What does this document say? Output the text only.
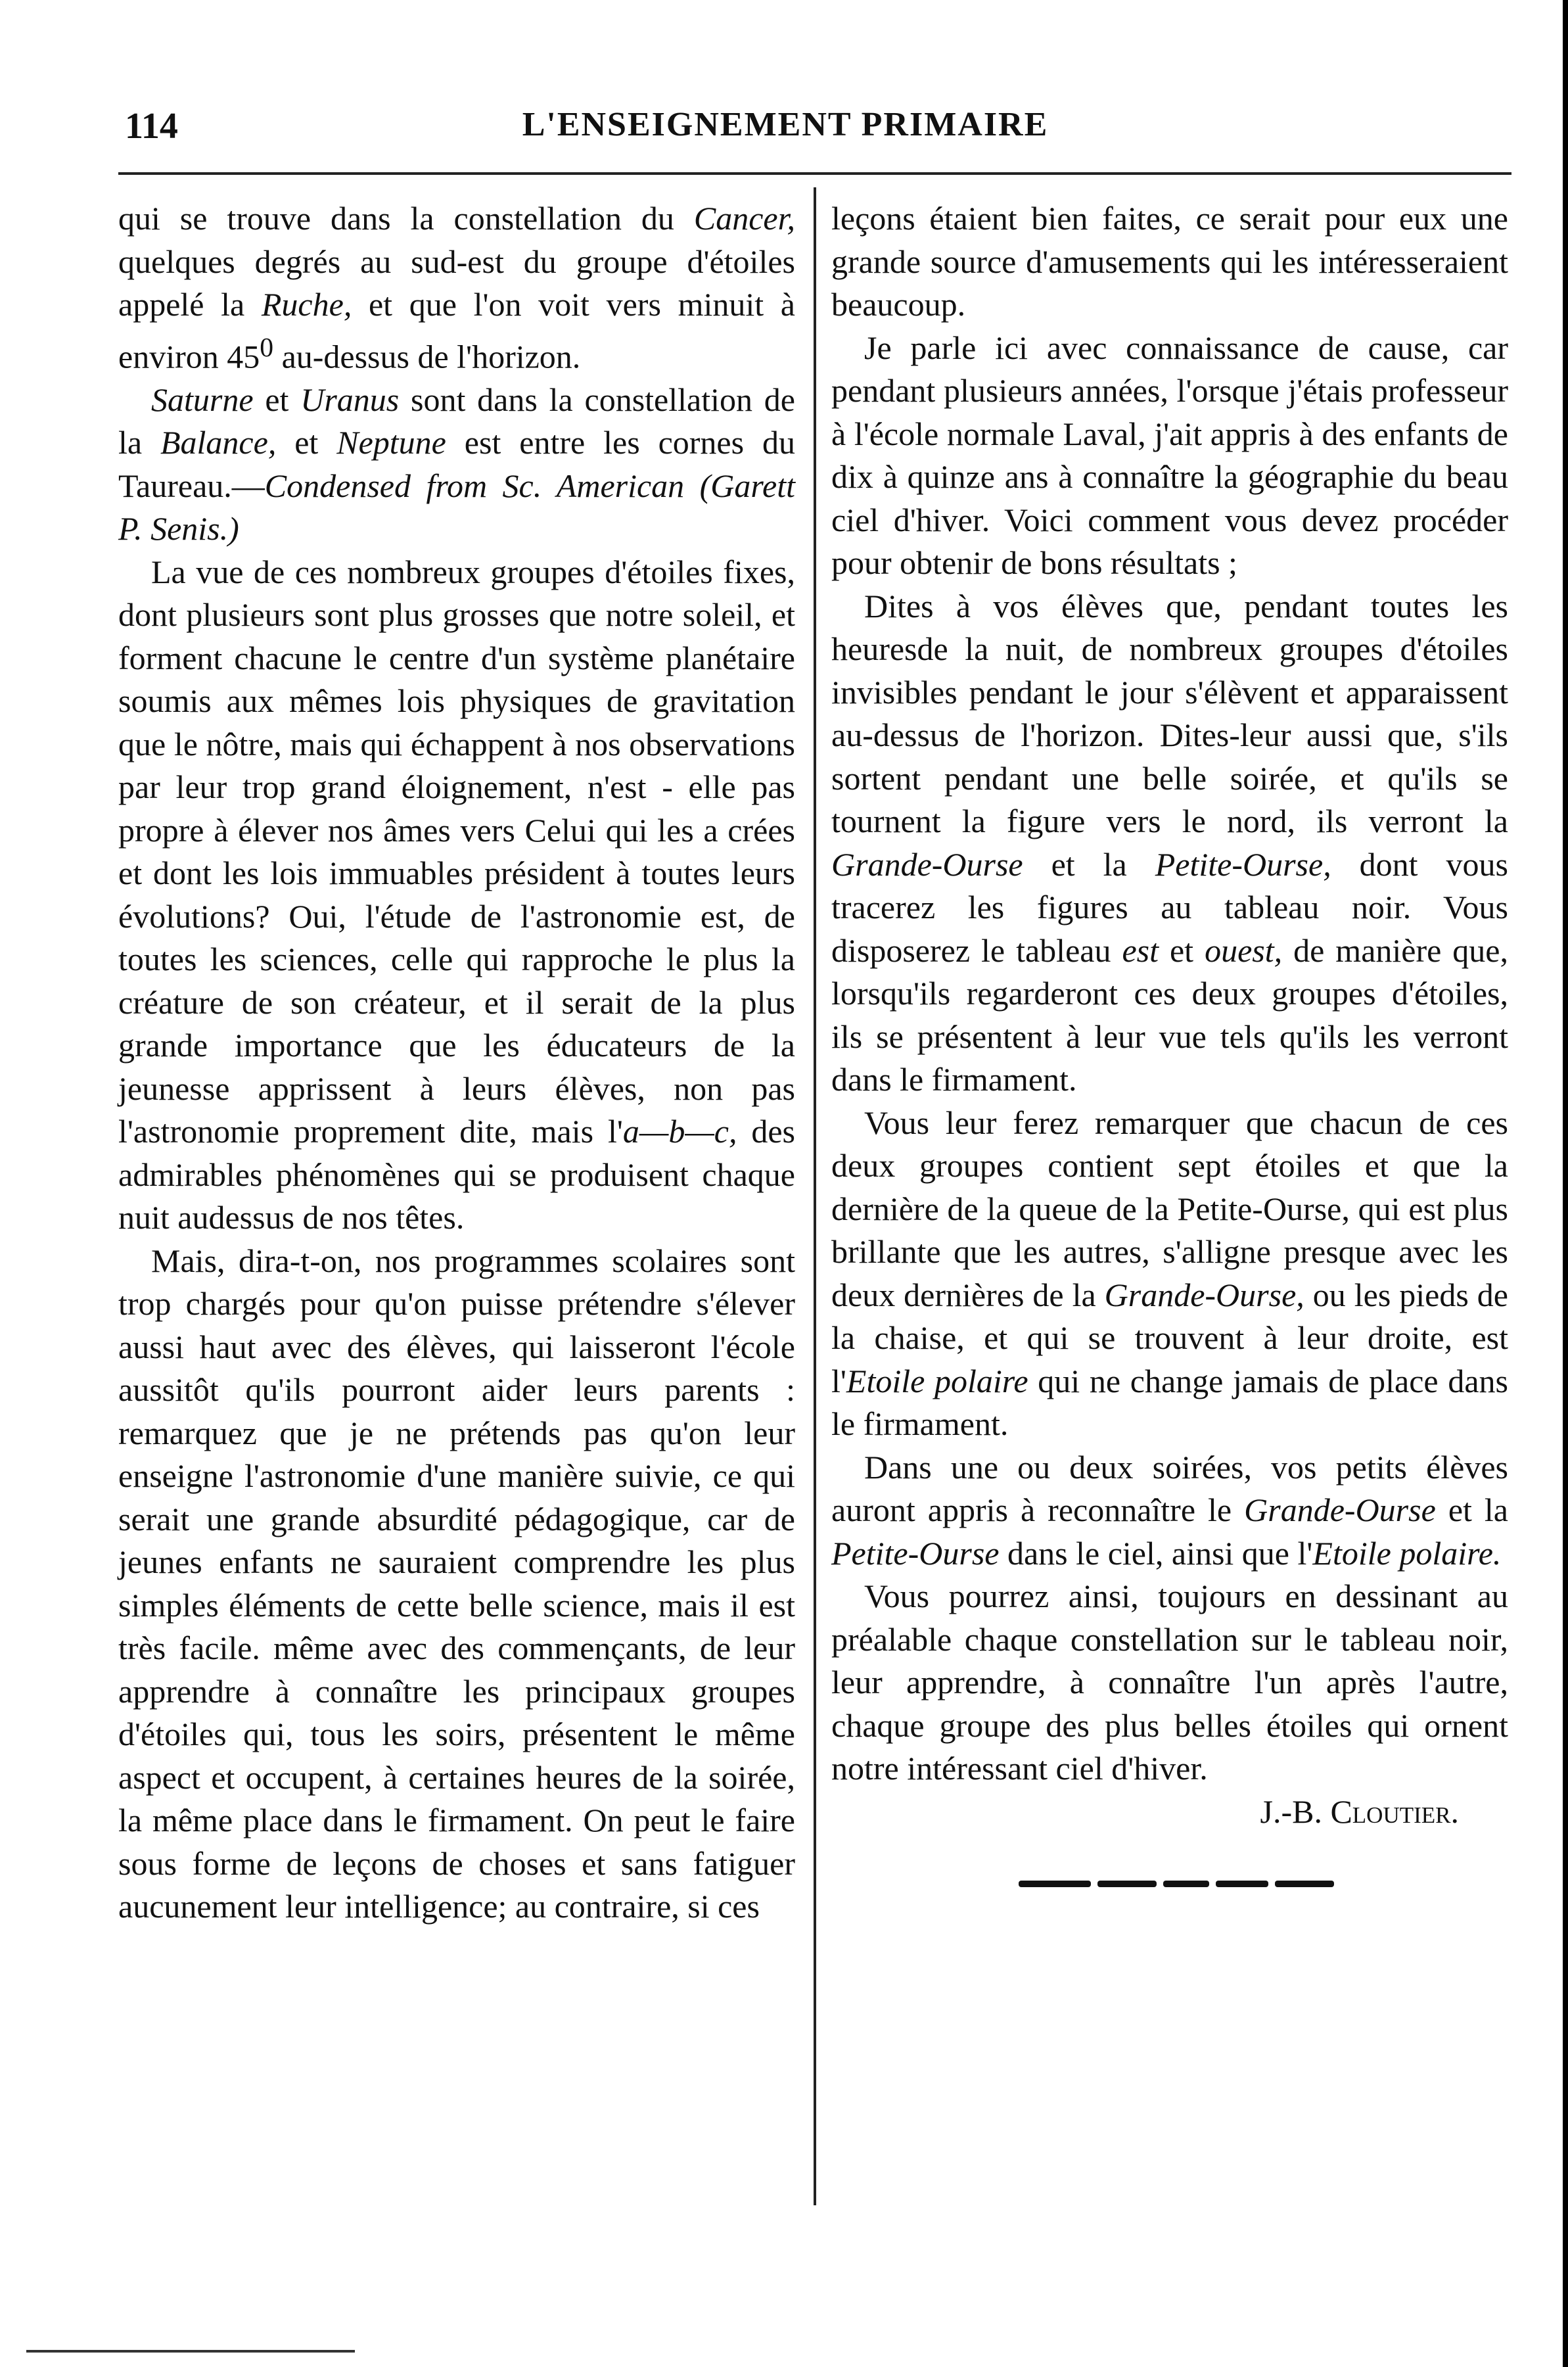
114	L'ENSEIGNEMENT PRIMAIRE

qui se trouve dans la constellation du Cancer, quelques degrés au sud-est du groupe d'étoiles appelé la Ruche, et que l'on voit vers minuit à environ $45^0$ au-dessus de l'horizon.

Saturne et Uranus sont dans la constellation de la Balance, et Neptune est entre les cornes du Taureau.—Condensed from Sc. American (Garett P. Senis.)

La vue de ces nombreux groupes d'étoiles fixes, dont plusieurs sont plus grosses que notre soleil, et forment chacune le centre d'un système planétaire soumis aux mêmes lois physiques de gravitation que le nôtre, mais qui échappent à nos observations par leur trop grand éloignement, n'est - elle pas propre à élever nos âmes vers Celui qui les a crées et dont les lois immuables président à toutes leurs évolutions? Oui, l'étude de l'astronomie est, de toutes les sciences, celle qui rapproche le plus la créature de son créateur, et il serait de la plus grande importance que les éducateurs de la jeunesse apprissent à leurs élèves, non pas l'astronomie proprement dite, mais l'a—b—c, des admirables phénomènes qui se produisent chaque nuit audessus de nos têtes.

Mais, dira-t-on, nos programmes scolaires sont trop chargés pour qu'on puisse prétendre s'élever aussi haut avec des élèves, qui laisseront l'école aussitôt qu'ils pourront aider leurs parents : remarquez que je ne prétends pas qu'on leur enseigne l'astronomie d'une manière suivie, ce qui serait une grande absurdité pédagogique, car de jeunes enfants ne sauraient comprendre les plus simples éléments de cette belle science, mais il est très facile. même avec des commençants, de leur apprendre à connaître les principaux groupes d'étoiles qui, tous les soirs, présentent le même aspect et occupent, à certaines heures de la soirée, la même place dans le firmament. On peut le faire sous forme de leçons de choses et sans fatiguer aucunement leur intelligence; au contraire, si ces

leçons étaient bien faites, ce serait pour eux une grande source d'amusements qui les intéresseraient beaucoup.

Je parle ici avec connaissance de cause, car pendant plusieurs années, l'orsque j'étais professeur à l'école normale Laval, j'ait appris à des enfants de dix à quinze ans à connaître la géographie du beau ciel d'hiver. Voici comment vous devez procéder pour obtenir de bons résultats ;

Dites à vos élèves que, pendant toutes les heuresde la nuit, de nombreux groupes d'étoiles invisibles pendant le jour s'élèvent et apparaissent au-dessus de l'horizon. Dites-leur aussi que, s'ils sortent pendant une belle soirée, et qu'ils se tournent la figure vers le nord, ils verront la Grande-Ourse et la Petite-Ourse, dont vous tracerez les figures au tableau noir. Vous disposerez le tableau est et ouest, de manière que, lorsqu'ils regarderont ces deux groupes d'étoiles, ils se présentent à leur vue tels qu'ils les verront dans le firmament.

Vous leur ferez remarquer que chacun de ces deux groupes contient sept étoiles et que la dernière de la queue de la Petite-Ourse, qui est plus brillante que les autres, s'alligne presque avec les deux dernières de la Grande-Ourse, ou les pieds de la chaise, et qui se trouvent à leur droite, est l'Etoile polaire qui ne change jamais de place dans le firmament.

Dans une ou deux soirées, vos petits élèves auront appris à reconnaître le Grande-Ourse et la Petite-Ourse dans le ciel, ainsi que l'Etoile polaire.

Vous pourrez ainsi, toujours en dessinant au préalable chaque constellation sur le tableau noir, leur apprendre, à connaître l'un après l'autre, chaque groupe des plus belles étoiles qui ornent notre intéressant ciel d'hiver.

J.-B. Cloutier.
